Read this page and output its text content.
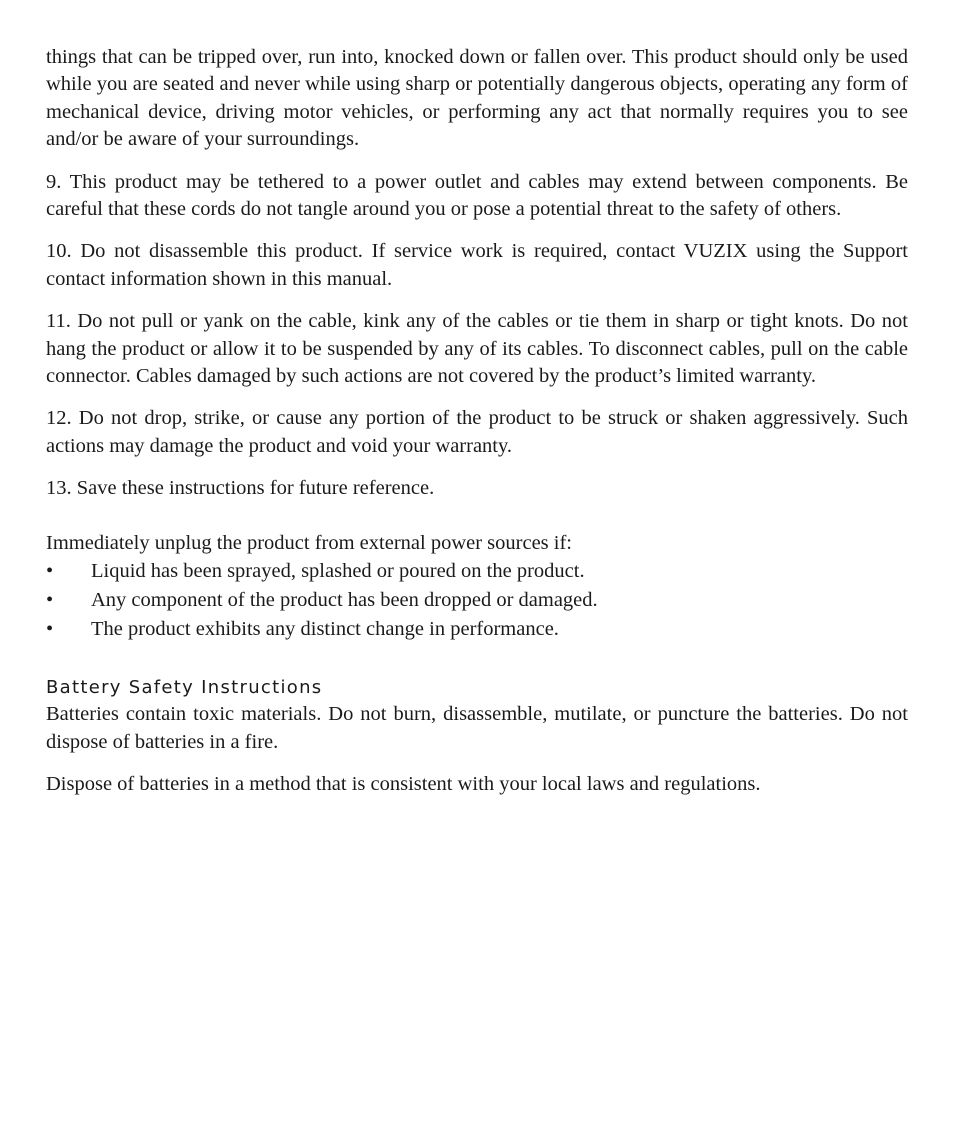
things that can be tripped over, run into, knocked down or fallen over. This product should only be used while you are seated and never while using sharp or potentially dangerous objects, operating any form of mechanical device, driving motor vehicles, or performing any act that normally requires you to see and/or be aware of your surroundings.

9. This product may be tethered to a power outlet and cables may extend between components. Be careful that these cords do not tangle around you or pose a potential threat to the safety of others.

10. Do not disassemble this product. If service work is required, contact VUZIX using the Support contact information shown in this manual.

11. Do not pull or yank on the cable, kink any of the cables or tie them in sharp or tight knots. Do not hang the product or allow it to be suspended by any of its cables. To disconnect cables, pull on the cable connector. Cables damaged by such actions are not covered by the product’s limited warranty.

12. Do not drop, strike, or cause any portion of the product to be struck or shaken aggressively. Such actions may damage the product and void your warranty.

13. Save these instructions for future reference.

Immediately unplug the product from external power sources if:

• Liquid has been sprayed, splashed or poured on the product.
• Any component of the product has been dropped or damaged.
• The product exhibits any distinct change in performance.
Battery Safety Instructions

Batteries contain toxic materials. Do not burn, disassemble, mutilate, or puncture the batteries. Do not dispose of batteries in a fire.

Dispose of batteries in a method that is consistent with your local laws and regulations.
